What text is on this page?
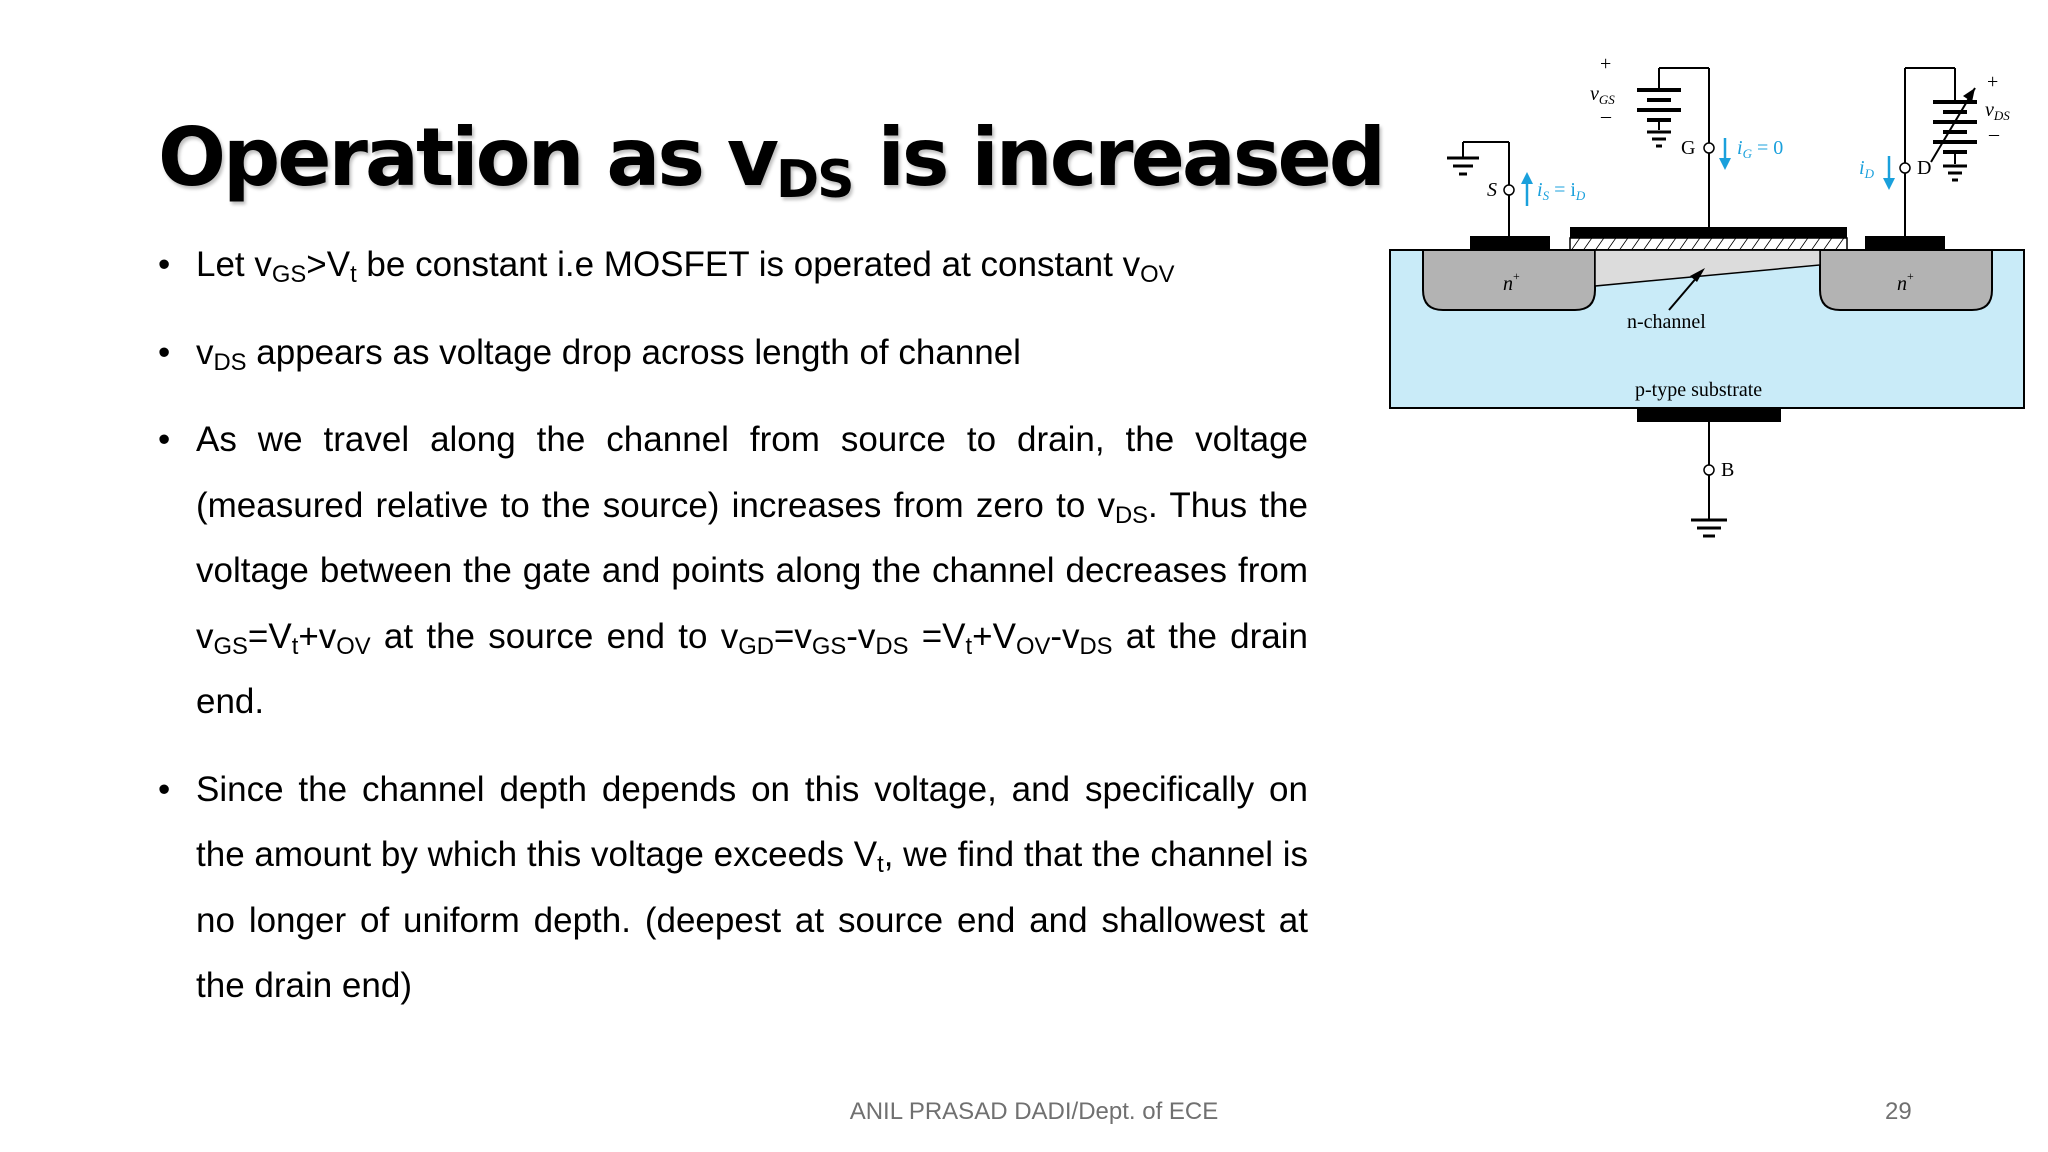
Operation as $v_{DS}$ is increased
• Let $v_{GS}>V_t$ be constant i.e MOSFET is operated at constant $v_{OV}$
• $v_{DS}$ appears as voltage drop across length of channel
• As we travel along the channel from source to drain, the voltage (measured relative to the source) increases from zero to $v_{DS}$. Thus the voltage between the gate and points along the channel decreases from $v_{GS}=V_t+v_{OV}$ at the source end to $v_{GD}=v_{GS}-v_{DS} =V_t+V_{OV}-v_{DS}$ at the drain end.
• Since the channel depth depends on this voltage, and specifically on the amount by which this voltage exceeds $V_t$, we find that the channel is no longer of uniform depth. (deepest at source end and shallowest at the drain end)
+
$v_{GS}$
–
G $i_G = 0$
S $i_S = i_D$
$i_D$ D
+
$v_{DS}$
–
n+	n+
n-channel
p-type substrate
B
ANIL PRASAD DADI/Dept. of ECE	29
